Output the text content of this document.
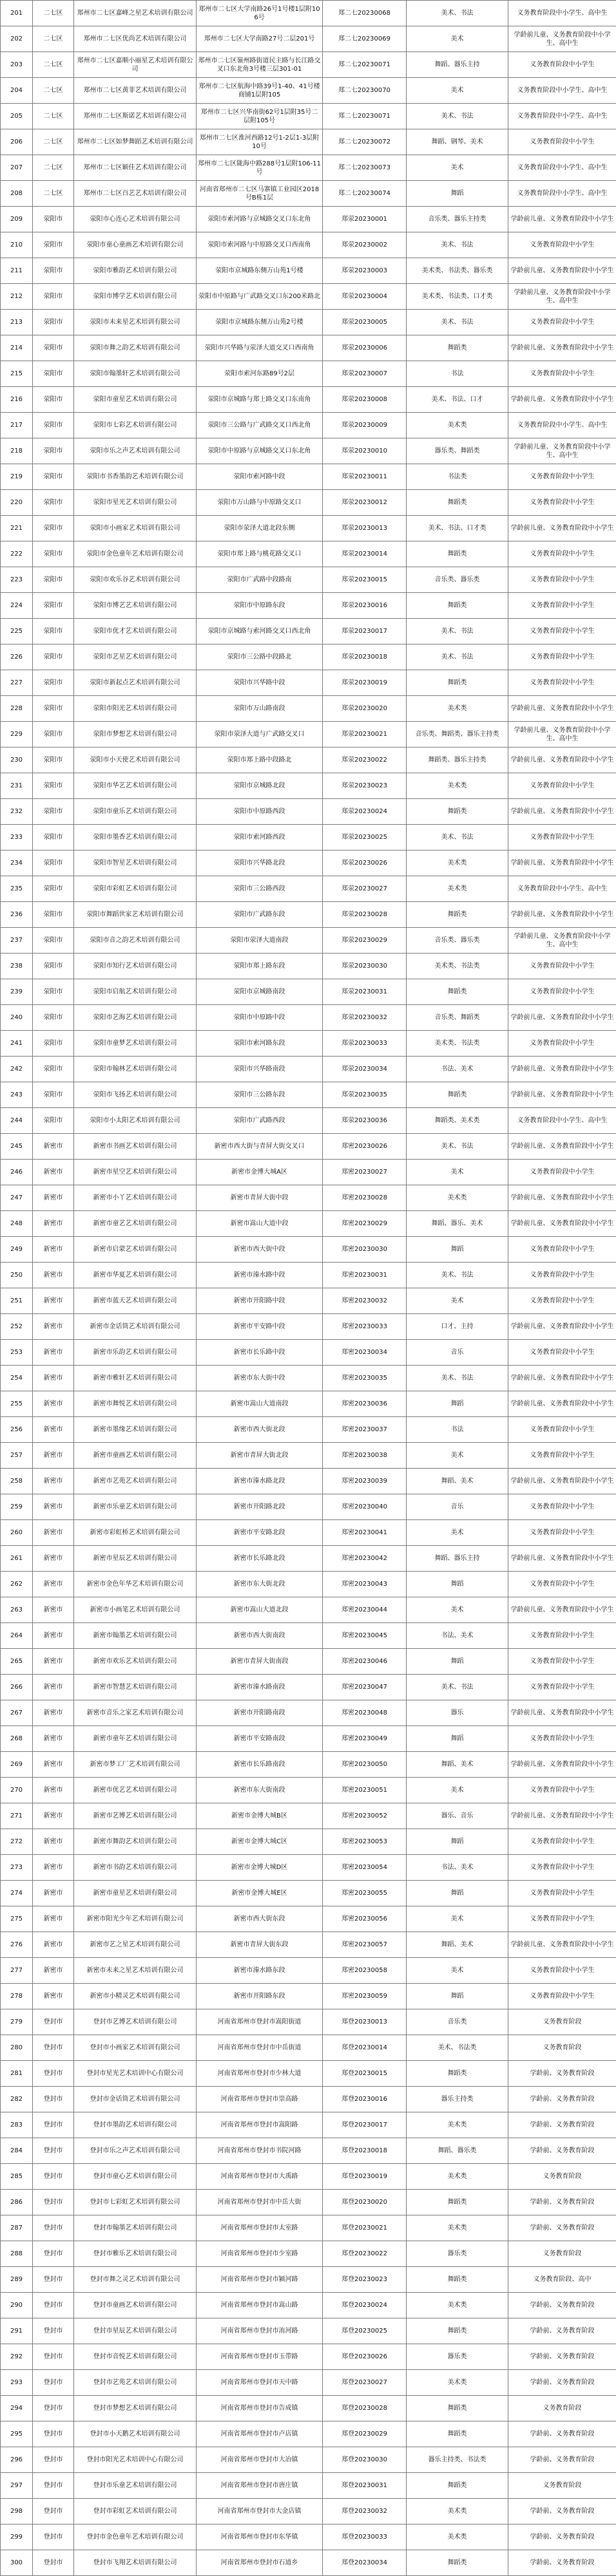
201	二七区	郑州市二七区嘉峰之星艺术培训有限公司	郑州市二七区大学南路26号1号楼1层附106号	郑二七20230068	美术、书法	义务教育阶段中小学生、高中生
202	二七区	郑州市二七区优尚艺术培训有限公司	郑州市二七区大学南路27号二层201号	郑二七20230069	美术	学龄前儿童、义务教育阶段中小学生、高中生
203	二七区	郑州市二七区嘉顺小丽星艺术培训有限公司	郑州市二七区嶺州路街道民主路与长江路交叉口东北角3号楼三层301-01	郑二七20230071	舞蹈、器乐主持	义务教育阶段中小学生
204	二七区	郑州市二七区黄菲艺术培训有限公司	郑州市二七区航海中路39号1-40、41号楼商铺1层附105	郑二七20230070	美术	义务教育阶段中小学生、高中生
205	二七区	郑州市二七区斯诺艺术培训有限公司	郑州市二七区兴华南街62号1层附35号二层附105号	郑二七20230071	美术、书法	义务教育阶段中小学生、高中生
206	二七区	郑州市二七区如梦舞蹈艺术培训有限公司	郑州市二七区淮河西路12号1-2层1-3层附10号	郑二七20230072	舞蹈、钢琴、美术	义务教育阶段中小学生
207	二七区	郑州市二七区颖佳艺术培训有限公司	郑州市二七区陇海中路288号1层附106-11号	郑二七20230073	美术	义务教育阶段中小学生、高中生
208	二七区	郑州市二七区百艺艺术培训有限公司	河南省郑州市二七区马寨镇工业园区2018号B栋1层	郑二七20230074	舞蹈	义务教育阶段中小学生、高中生
209	荥阳市	荥阳市心连心艺术培训有限公司	荥阳市索河路与京城路交叉口东北角	郑荥20230001	音乐类、器乐主持类	学龄前儿童、义务教育阶段中小学生
210	荥阳市	荥阳市童心童画艺术培训有限公司	荥阳市索河路与中原路交叉口西南角	郑荥20230002	美术、书法	义务教育阶段中小学生
211	荥阳市	荥阳市雅韵艺术培训有限公司	荥阳市京城路东侧万山苑1号楼	郑荥20230003	美术类、书法类、器乐类	学龄前儿童、义务教育阶段中小学生
212	荥阳市	荥阳市博学艺术培训有限公司	荥阳市中原路与广武路交叉口东200米路北	郑荥20230004	美术类、书法类、口才类	学龄前儿童、义务教育阶段中小学生、高中生
213	荥阳市	荥阳市未来星艺术培训有限公司	荥阳市京城路东侧万山苑2号楼	郑荥20230005	美术、书法	义务教育阶段中小学生
214	荥阳市	荥阳市舞之韵艺术培训有限公司	荥阳市兴华路与荥泽大道交叉口西南角	郑荥20230006	舞蹈类	学龄前儿童、义务教育阶段中小学生
215	荥阳市	荥阳市翰墨轩艺术培训有限公司	荥阳市索河东路89号2层	郑荥20230007	书法	义务教育阶段中小学生
216	荥阳市	荥阳市童星艺术培训有限公司	荥阳市京城路与郑上路交叉口东南角	郑荥20230008	美术、书法、口才	学龄前儿童、义务教育阶段中小学生
217	荥阳市	荥阳市七彩艺术培训有限公司	荥阳市三公路与广武路交叉口西北角	郑荥20230009	美术类	义务教育阶段中小学生、高中生
218	荥阳市	荥阳市乐之声艺术培训有限公司	荥阳市中原路与京城路交叉口东北角	郑荥20230010	器乐类、舞蹈类	学龄前儿童、义务教育阶段中小学生、高中生
219	荥阳市	荥阳市书香墨韵艺术培训有限公司	荥阳市索河路中段	郑荥20230011	书法类	义务教育阶段中小学生
220	荥阳市	荥阳市星光艺术培训有限公司	荥阳市万山路与中原路交叉口	郑荥20230012	舞蹈类	义务教育阶段中小学生
221	荥阳市	荥阳市小画家艺术培训有限公司	荥阳市荥泽大道北段东侧	郑荥20230013	美术、书法、口才类	学龄前儿童、义务教育阶段中小学生
222	荥阳市	荥阳市金色童年艺术培训有限公司	荥阳市郑上路与桃花路交叉口	郑荥20230014	舞蹈类	义务教育阶段中小学生
223	荥阳市	荥阳市欢乐谷艺术培训有限公司	荥阳市广武路中段路南	郑荥20230015	音乐类、器乐类	义务教育阶段中小学生
224	荥阳市	荥阳市博艺艺术培训有限公司	荥阳市中原路东段	郑荥20230016	舞蹈类	义务教育阶段中小学生
225	荥阳市	荥阳市优才艺术培训有限公司	荥阳市京城路与索河路交叉口西北角	郑荥20230017	美术、书法	义务教育阶段中小学生
226	荥阳市	荥阳市艺星艺术培训有限公司	荥阳市三公路中段路北	郑荥20230018	美术、书法	义务教育阶段中小学生
227	荥阳市	荥阳市新起点艺术培训有限公司	荥阳市兴华路中段	郑荥20230019	舞蹈类	义务教育阶段中小学生
228	荥阳市	荥阳市阳光艺术培训有限公司	荥阳市万山路南段	郑荥20230020	美术类	学龄前儿童、义务教育阶段中小学生
229	荥阳市	荥阳市梦想艺术培训有限公司	荥阳市荥泽大道与广武路交叉口	郑荥20230021	音乐类、舞蹈类、器乐主持类	学龄前儿童、义务教育阶段中小学生、高中生
230	荥阳市	荥阳市小天使艺术培训有限公司	荥阳市郑上路中段路北	郑荥20230022	舞蹈类、器乐主持类	学龄前儿童、义务教育阶段中小学生
231	荥阳市	荥阳市华艺艺术培训有限公司	荥阳市京城路北段	郑荥20230023	美术类	义务教育阶段中小学生
232	荥阳市	荥阳市童乐艺术培训有限公司	荥阳市中原路西段	郑荥20230024	舞蹈类	学龄前儿童、义务教育阶段中小学生
233	荥阳市	荥阳市墨香艺术培训有限公司	荥阳市索河路西段	郑荥20230025	美术、书法	义务教育阶段中小学生
234	荥阳市	荥阳市智星艺术培训有限公司	荥阳市兴华路北段	郑荥20230026	美术类	学龄前儿童、义务教育阶段中小学生
235	荥阳市	荥阳市彩虹艺术培训有限公司	荥阳市三公路西段	郑荥20230027	美术类	义务教育阶段中小学生、高中生
236	荥阳市	荥阳市舞蹈世家艺术培训有限公司	荥阳市广武路东段	郑荥20230028	舞蹈类	学龄前儿童、义务教育阶段中小学生
237	荥阳市	荥阳市音之韵艺术培训有限公司	荥阳市荥泽大道南段	郑荥20230029	音乐类、器乐类	学龄前儿童、义务教育阶段中小学生、高中生
238	荥阳市	荥阳市知行艺术培训有限公司	荥阳市郑上路东段	郑荥20230030	美术类、书法类	义务教育阶段中小学生
239	荥阳市	荥阳市启航艺术培训有限公司	荥阳市京城路南段	郑荥20230031	舞蹈类	义务教育阶段中小学生
240	荥阳市	荥阳市艺海艺术培训有限公司	荥阳市中原路中段	郑荥20230032	音乐类、舞蹈类	学龄前儿童、义务教育阶段中小学生
241	荥阳市	荥阳市童梦艺术培训有限公司	荥阳市索河路东段	郑荥20230033	美术类、书法类	义务教育阶段中小学生
242	荥阳市	荥阳市翰林艺术培训有限公司	荥阳市兴华路南段	郑荥20230034	书法、美术	学龄前儿童、义务教育阶段中小学生
243	荥阳市	荥阳市飞扬艺术培训有限公司	荥阳市三公路东段	郑荥20230035	舞蹈类	学龄前儿童、义务教育阶段中小学生
244	荥阳市	荥阳市小太阳艺术培训有限公司	荥阳市广武路西段	郑荥20230036	舞蹈类、美术类	义务教育阶段中小学生、高中生
245	新密市	新密市书画艺术培训有限公司	新密市西大街与青屏大街交叉口	郑密20230026	美术、书法	学龄前儿童、义务教育阶段中小学生
246	新密市	新密市星空艺术培训有限公司	新密市金博大城A区	郑密20230027	美术	义务教育阶段中小学生
247	新密市	新密市小丫艺术培训有限公司	新密市青屏大街中段	郑密20230028	美术类	学龄前儿童、义务教育阶段中小学生
248	新密市	新密市童艺艺术培训有限公司	新密市嵩山大道中段	郑密20230029	舞蹈、器乐、美术	学龄前儿童、义务教育阶段中小学生
249	新密市	新密市启蒙艺术培训有限公司	新密市西大街中段	郑密20230030	舞蹈	义务教育阶段中小学生
250	新密市	新密市华夏艺术培训有限公司	新密市溱水路中段	郑密20230031	美术、书法	义务教育阶段中小学生
251	新密市	新密市蓝天艺术培训有限公司	新密市开阳路中段	郑密20230032	美术	义务教育阶段中小学生
252	新密市	新密市金话筒艺术培训有限公司	新密市平安路中段	郑密20230033	口才、主持	学龄前儿童、义务教育阶段中小学生
253	新密市	新密市乐韵艺术培训有限公司	新密市长乐路中段	郑密20230034	音乐	义务教育阶段中小学生
254	新密市	新密市雅轩艺术培训有限公司	新密市东大街中段	郑密20230035	美术、书法	学龄前儿童、义务教育阶段中小学生
255	新密市	新密市舞悦艺术培训有限公司	新密市嵩山大道南段	郑密20230036	舞蹈	学龄前儿童、义务教育阶段中小学生
256	新密市	新密市墨缘艺术培训有限公司	新密市西大街北段	郑密20230037	书法	义务教育阶段中小学生
257	新密市	新密市童画艺术培训有限公司	新密市青屏大街北段	郑密20230038	美术	义务教育阶段中小学生
258	新密市	新密市艺苑艺术培训有限公司	新密市溱水路北段	郑密20230039	舞蹈、美术	学龄前儿童、义务教育阶段中小学生
259	新密市	新密市乐童艺术培训有限公司	新密市开阳路北段	郑密20230040	音乐	义务教育阶段中小学生
260	新密市	新密市彩虹桥艺术培训有限公司	新密市平安路北段	郑密20230041	美术	义务教育阶段中小学生
261	新密市	新密市星辰艺术培训有限公司	新密市长乐路北段	郑密20230042	舞蹈、器乐主持	学龄前儿童、义务教育阶段中小学生
262	新密市	新密市金色年华艺术培训有限公司	新密市东大街北段	郑密20230043	舞蹈	义务教育阶段中小学生
263	新密市	新密市小画笔艺术培训有限公司	新密市嵩山大道北段	郑密20230044	美术	学龄前儿童、义务教育阶段中小学生
264	新密市	新密市翰墨艺术培训有限公司	新密市西大街南段	郑密20230045	书法、美术	义务教育阶段中小学生
265	新密市	新密市欢乐艺术培训有限公司	新密市青屏大街南段	郑密20230046	舞蹈	义务教育阶段中小学生
266	新密市	新密市智慧艺术培训有限公司	新密市溱水路南段	郑密20230047	美术、书法	义务教育阶段中小学生
267	新密市	新密市音乐之家艺术培训有限公司	新密市开阳路南段	郑密20230048	器乐	学龄前儿童、义务教育阶段中小学生
268	新密市	新密市童年艺术培训有限公司	新密市平安路南段	郑密20230049	舞蹈	义务教育阶段中小学生
269	新密市	新密市梦工厂艺术培训有限公司	新密市长乐路南段	郑密20230050	舞蹈、美术	学龄前儿童、义务教育阶段中小学生
270	新密市	新密市优艺艺术培训有限公司	新密市东大街南段	郑密20230051	美术	义务教育阶段中小学生
271	新密市	新密市艺博艺术培训有限公司	新密市金博大城B区	郑密20230052	器乐、音乐	学龄前儿童、义务教育阶段中小学生
272	新密市	新密市舞韵艺术培训有限公司	新密市金博大城C区	郑密20230053	舞蹈	义务教育阶段中小学生
273	新密市	新密市书韵艺术培训有限公司	新密市金博大城D区	郑密20230054	书法、美术	义务教育阶段中小学生
274	新密市	新密市童星艺术培训有限公司	新密市金博大城E区	郑密20230055	舞蹈	义务教育阶段中小学生
275	新密市	新密市阳光少年艺术培训有限公司	新密市西大街东段	郑密20230056	美术	义务教育阶段中小学生
276	新密市	新密市艺之星艺术培训有限公司	新密市青屏大街东段	郑密20230057	舞蹈、美术	学龄前儿童、义务教育阶段中小学生
277	新密市	新密市未来之星艺术培训有限公司	新密市溱水路东段	郑密20230058	美术	义务教育阶段中小学生
278	新密市	新密市小精灵艺术培训有限公司	新密市开阳路东段	郑密20230059	舞蹈	义务教育阶段中小学生
279	登封市	登封市艺博艺术培训有限公司	河南省郑州市登封市嵩阳街道	郑登20230013	音乐类	义务教育阶段
280	登封市	登封市小画家艺术培训有限公司	河南省郑州市登封市中岳街道	郑登20230014	美术、书法类	义务教育阶段
281	登封市	登封市星光艺术培训中心有限公司	河南省郑州市登封市少林大道	郑登20230015	舞蹈类	学龄前、义务教育阶段
282	登封市	登封市金话筒艺术培训有限公司	河南省郑州市登封市崇高路	郑登20230016	器乐主持类	学龄前、义务教育阶段
283	登封市	登封市墨韵艺术培训有限公司	河南省郑州市登封市嵩阳路	郑登20230017	美术类	学龄前、义务教育阶段
284	登封市	登封市乐之声艺术培训有限公司	河南省郑州市登封市书院河路	郑登20230018	舞蹈、器乐类	学龄前、义务教育阶段
285	登封市	登封市童心艺术培训有限公司	河南省郑州市登封市大禹路	郑登20230019	美术类	义务教育阶段
286	登封市	登封市七彩虹艺术培训有限公司	河南省郑州市登封市中岳大街	郑登20230020	舞蹈类	学龄前、义务教育阶段
287	登封市	登封市翰墨艺术培训有限公司	河南省郑州市登封市太室路	郑登20230021	美术类	学龄前、义务教育阶段
288	登封市	登封市雅乐艺术培训有限公司	河南省郑州市登封市少室路	郑登20230022	器乐类	义务教育阶段
289	登封市	登封市舞之灵艺术培训有限公司	河南省郑州市登封市颍河路	郑登20230023	舞蹈类	义务教育阶段、高中
290	登封市	登封市童画艺术培训有限公司	河南省郑州市登封市嵩山路	郑登20230024	美术类	学龄前、义务教育阶段
291	登封市	登封市星辰艺术培训有限公司	河南省郑州市登封市洧河路	郑登20230025	舞蹈类	学龄前、义务教育阶段
292	登封市	登封市音悦艺术培训有限公司	河南省郑州市登封市玉带路	郑登20230026	器乐类	学龄前、义务教育阶段
293	登封市	登封市艺苑艺术培训有限公司	河南省郑州市登封市天中路	郑登20230027	美术类	学龄前、义务教育阶段
294	登封市	登封市梦想艺术培训有限公司	河南省郑州市登封市告成镇	郑登20230028	舞蹈类	义务教育阶段
295	登封市	登封市小天鹅艺术培训有限公司	河南省郑州市登封市卢店镇	郑登20230029	舞蹈类	学龄前、义务教育阶段
296	登封市	登封市阳光艺术培训中心有限公司	河南省郑州市登封市大冶镇	郑登20230030	器乐主持类、书法类	学龄前、义务教育阶段
297	登封市	登封市乐童艺术培训有限公司	河南省郑州市登封市唐庄镇	郑登20230031	舞蹈类	义务教育阶段
298	登封市	登封市彩虹艺术培训有限公司	河南省郑州市登封市大金店镇	郑登20230032	美术类	学龄前、义务教育阶段
299	登封市	登封市金色童年艺术培训有限公司	河南省郑州市登封市东华镇	郑登20230033	美术类	学龄前、义务教育阶段
300	登封市	登封市飞翔艺术培训有限公司	河南省郑州市登封市石道乡	郑登20230034	舞蹈类	学龄前、义务教育阶段
